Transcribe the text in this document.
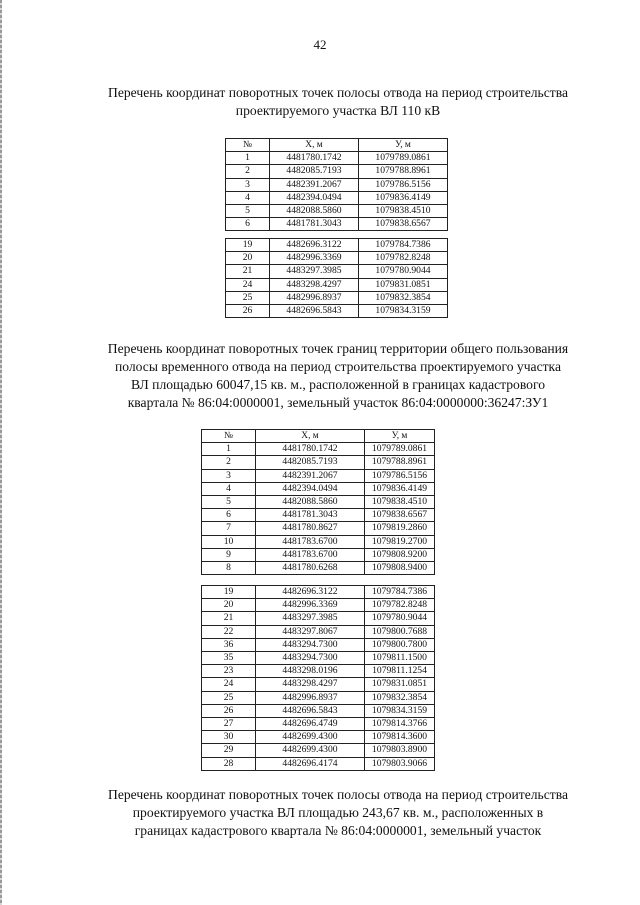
42
Перечень координат поворотных точек полосы отвода на период строительства
проектируемого участка ВЛ 110 кВ
№	X, м	У, м
1	4481780.1742	1079789.0861
2	4482085.7193	1079788.8961
3	4482391.2067	1079786.5156
4	4482394.0494	1079836.4149
5	4482088.5860	1079838.4510
6	4481781.3043	1079838.6567
19	4482696.3122	1079784.7386
20	4482996.3369	1079782.8248
21	4483297.3985	1079780.9044
24	4483298.4297	1079831.0851
25	4482996.8937	1079832.3854
26	4482696.5843	1079834.3159
Перечень координат поворотных точек границ территории общего пользования
полосы временного отвода на период строительства проектируемого участка
ВЛ площадью 60047,15 кв. м., расположенной в границах кадастрового
квартала № 86:04:0000001, земельный участок 86:04:0000000:36247:ЗУ1
№	X, м	У, м
1	4481780.1742	1079789.0861
2	4482085.7193	1079788.8961
3	4482391.2067	1079786.5156
4	4482394.0494	1079836.4149
5	4482088.5860	1079838.4510
6	4481781.3043	1079838.6567
7	4481780.8627	1079819.2860
10	4481783.6700	1079819.2700
9	4481783.6700	1079808.9200
8	4481780.6268	1079808.9400
19	4482696.3122	1079784.7386
20	4482996.3369	1079782.8248
21	4483297.3985	1079780.9044
22	4483297.8067	1079800.7688
36	4483294.7300	1079800.7800
35	4483294.7300	1079811.1500
23	4483298.0196	1079811.1254
24	4483298.4297	1079831.0851
25	4482996.8937	1079832.3854
26	4482696.5843	1079834.3159
27	4482696.4749	1079814.3766
30	4482699.4300	1079814.3600
29	4482699.4300	1079803.8900
28	4482696.4174	1079803.9066
Перечень координат поворотных точек полосы отвода на период строительства
проектируемого участка ВЛ площадью 243,67 кв. м., расположенных в
границах кадастрового квартала № 86:04:0000001, земельный участок
